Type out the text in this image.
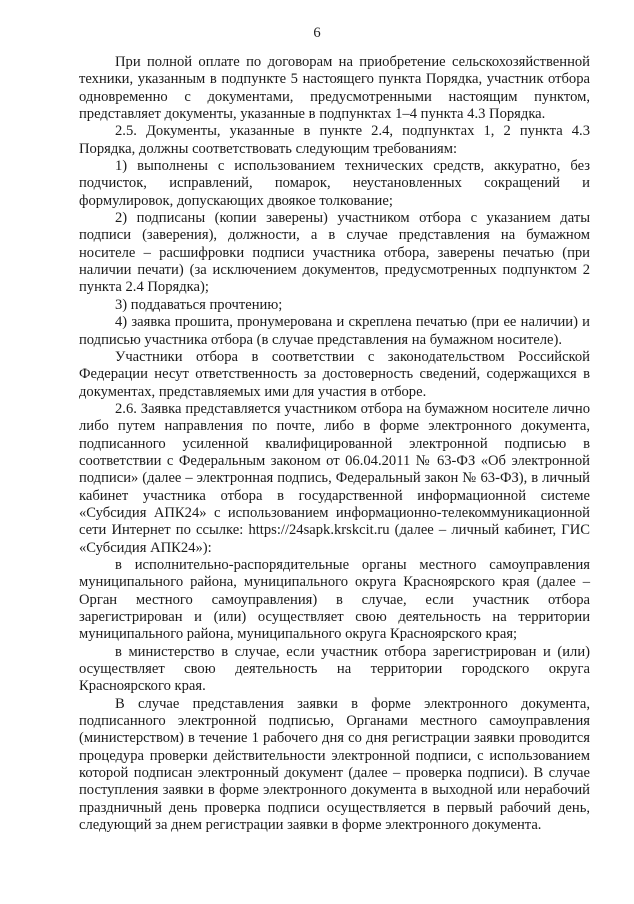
6

При полной оплате по договорам на приобретение сельскохозяйственной техники, указанным в подпункте 5 настоящего пункта Порядка, участник отбора одновременно с документами, предусмотренными настоящим пунктом, представляет документы, указанные в подпунктах 1–4 пункта 4.3 Порядка.

2.5. Документы, указанные в пункте 2.4, подпунктах 1, 2 пункта 4.3 Порядка, должны соответствовать следующим требованиям:

1) выполнены с использованием технических средств, аккуратно, без подчисток, исправлений, помарок, неустановленных сокращений и формулировок, допускающих двоякое толкование;

2) подписаны (копии заверены) участником отбора с указанием даты подписи (заверения), должности, а в случае представления на бумажном носителе – расшифровки подписи участника отбора, заверены печатью (при наличии печати) (за исключением документов, предусмотренных подпунктом 2 пункта 2.4 Порядка);

3) поддаваться прочтению;

4) заявка прошита, пронумерована и скреплена печатью (при ее наличии) и подписью участника отбора (в случае представления на бумажном носителе).

Участники отбора в соответствии с законодательством Российской Федерации несут ответственность за достоверность сведений, содержащихся в документах, представляемых ими для участия в отборе.

2.6. Заявка представляется участником отбора на бумажном носителе лично либо путем направления по почте, либо в форме электронного документа, подписанного усиленной квалифицированной электронной подписью в соответствии с Федеральным законом от 06.04.2011 № 63-ФЗ «Об электронной подписи» (далее – электронная подпись, Федеральный закон № 63-ФЗ), в личный кабинет участника отбора в государственной информационной системе «Субсидия АПК24» с использованием информационно-телекоммуникационной сети Интернет по ссылке: https://24sapk.krskcit.ru (далее – личный кабинет, ГИС «Субсидия АПК24»):

в исполнительно-распорядительные органы местного самоуправления муниципального района, муниципального округа Красноярского края (далее – Орган местного самоуправления) в случае, если участник отбора зарегистрирован и (или) осуществляет свою деятельность на территории муниципального района, муниципального округа Красноярского края;

в министерство в случае, если участник отбора зарегистрирован и (или) осуществляет свою деятельность на территории городского округа Красноярского края.

В случае представления заявки в форме электронного документа, подписанного электронной подписью, Органами местного самоуправления (министерством) в течение 1 рабочего дня со дня регистрации заявки проводится процедура проверки действительности электронной подписи, с использованием которой подписан электронный документ (далее – проверка подписи). В случае поступления заявки в форме электронного документа в выходной или нерабочий праздничный день проверка подписи осуществляется в первый рабочий день, следующий за днем регистрации заявки в форме электронного документа.
